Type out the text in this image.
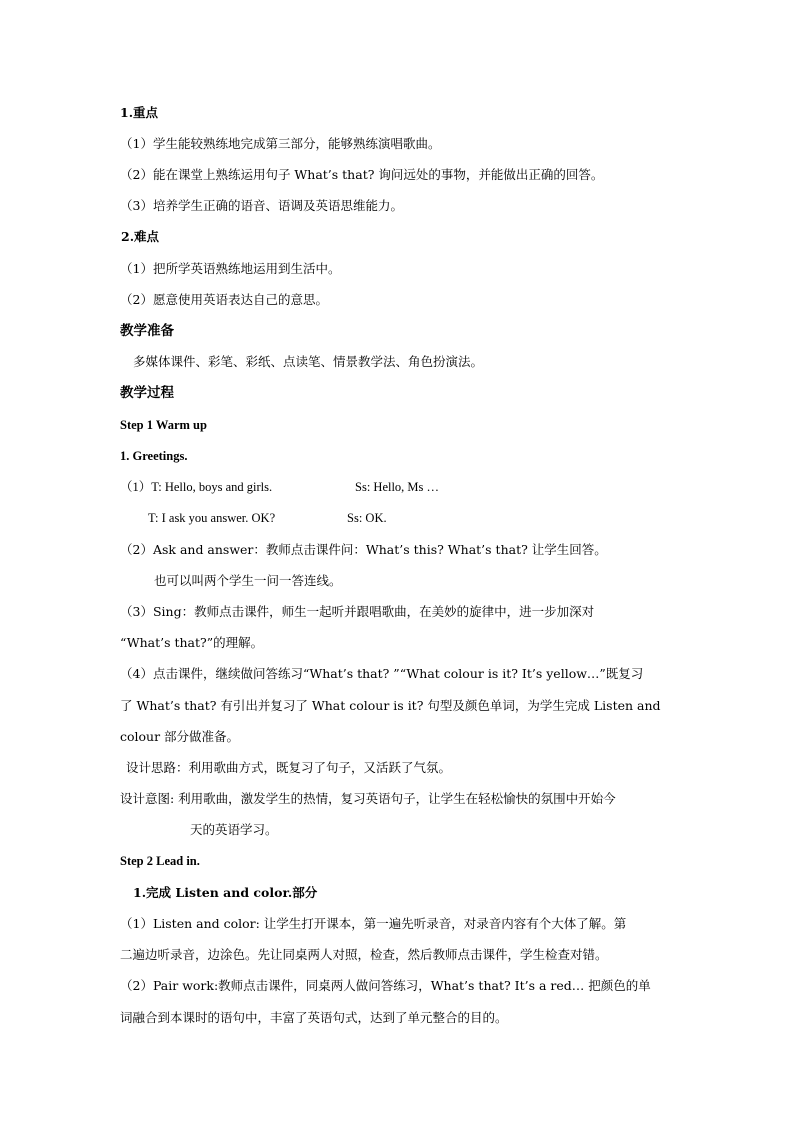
1.重点
（1）学生能较熟练地完成第三部分，能够熟练演唱歌曲。
（2）能在课堂上熟练运用句子 What’s that? 询问远处的事物，并能做出正确的回答。
（3）培养学生正确的语音、语调及英语思维能力。
2.难点
（1）把所学英语熟练地运用到生活中。
（2）愿意使用英语表达自己的意思。
教学准备
多媒体课件、彩笔、彩纸、点读笔、情景教学法、角色扮演法。
教学过程
Step 1 Warm up
1. Greetings.
（1）T: Hello, boys and girls.	Ss: Hello, Ms …
T: I ask you answer. OK?	Ss: OK.
（2）Ask and answer：教师点击课件问：What’s this? What’s that? 让学生回答。
也可以叫两个学生一问一答连线。
（3）Sing：教师点击课件，师生一起听并跟唱歌曲，在美妙的旋律中，进一步加深对
“What’s that?”的理解。
（4）点击课件，继续做问答练习“What’s that? ”“What colour is it? It’s yellow…”既复习
了 What’s that? 有引出并复习了 What colour is it? 句型及颜色单词，为学生完成 Listen and
colour 部分做准备。
设计思路：利用歌曲方式，既复习了句子，又活跃了气氛。
设计意图: 利用歌曲，激发学生的热情，复习英语句子，让学生在轻松愉快的氛围中开始今
天的英语学习。
Step 2 Lead in.
1.完成 Listen and color.部分
（1）Listen and color: 让学生打开课本，第一遍先听录音，对录音内容有个大体了解。第
二遍边听录音，边涂色。先让同桌两人对照，检查，然后教师点击课件，学生检查对错。
（2）Pair work:教师点击课件，同桌两人做问答练习，What’s that? It’s a red… 把颜色的单
词融合到本课时的语句中，丰富了英语句式，达到了单元整合的目的。
